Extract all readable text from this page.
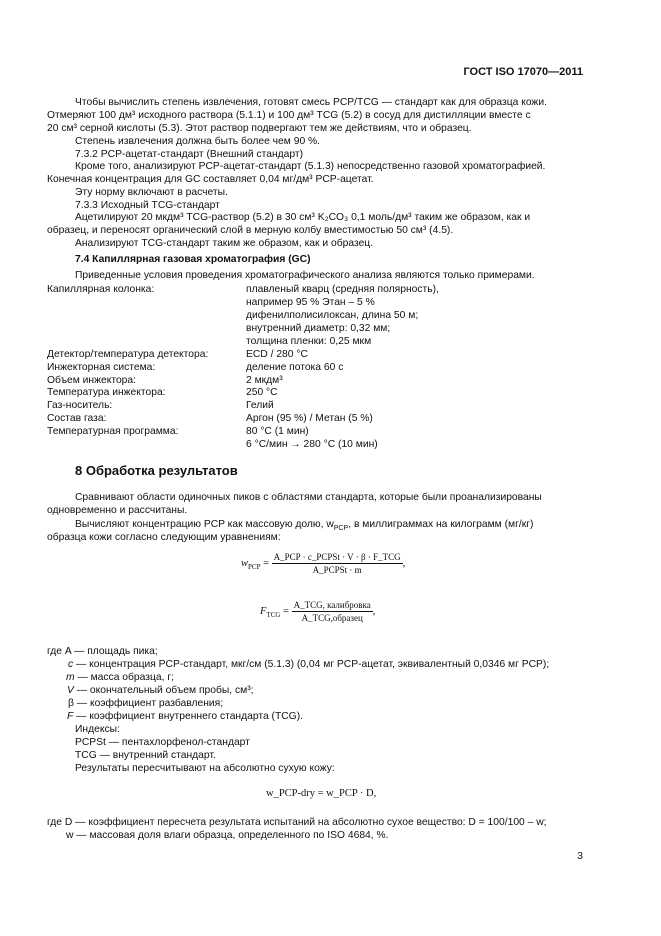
ГОСТ ISO 17070—2011
Чтобы вычислить степень извлечения, готовят смесь PCP/TCG — стандарт как для образца кожи.
Отмеряют 100 дм³ исходного раствора (5.1.1) и 100 дм³ TCG (5.2) в сосуд для дистилляции вместе с
20 см³ серной кислоты (5.3). Этот раствор подвергают тем же действиям, что и образец.
Степень извлечения должна быть более чем 90 %.
7.3.2 PCP-ацетат-стандарт (Внешний стандарт)
Кроме того, анализируют PCP-ацетат-стандарт (5.1.3) непосредственно газовой хроматографией.
Конечная концентрация для GC составляет 0,04 мг/дм³ PCP-ацетат.
Эту норму включают в расчеты.
7.3.3 Исходный TCG-стандарт
Ацетилируют 20 мкдм³ TCG-раствор (5.2) в 30 см³ K₂CO₃ 0,1 моль/дм³ таким же образом, как и
образец, и переносят органический слой в мерную колбу вместимостью 50 см³ (4.5).
Анализируют TCG-стандарт таким же образом, как и образец.
7.4 Капиллярная газовая хроматография (GC)
Приведенные условия проведения хроматографического анализа являются только примерами.
Капиллярная колонка:	плавленый кварц (средняя полярность),
например 95 % Этан – 5 %
дифенилполисилоксан, длина 50 м;
внутренний диаметр: 0,32 мм;
толщина пленки: 0,25 мкм
Детектор/температура детектора:	ECD / 280 °C
Инжекторная система:	деление потока 60 с
Объем инжектора:	2 мкдм³
Температура инжектора:	250 °C
Газ-носитель:	Гелий
Состав газа:	Аргон (95 %) / Метан (5 %)
Температурная программа:	80 °C (1 мин)
6 °С/мин → 280 °C (10 мин)
8 Обработка результатов
Сравнивают области одиночных пиков с областями стандарта, которые были проанализированы
одновременно и рассчитаны.
Вычисляют концентрацию PCP как массовую долю, $w_{PCP}$, в миллиграммах на килограмм (мг/кг)
образца кожи согласно следующим уравнениям:
$w_{PCP} = \frac{\text{A\_PCP · c\_PCPSt · V · β · F\_TCG}}{\text{A\_PCPSt · m}}$ ,
$F_{TCG} = \frac{\text{A\_TCG, калибровка}}{\text{A\_TCG,образец}}$ ,
где A — площадь пика;
c — концентрация PCP-стандарт, мкг/см (5.1.3) (0,04 мг PCP-ацетат, эквивалентный 0,0346 мг PCP);
m — масса образца, г;
V — окончательный объем пробы, см³;
β — коэффициент разбавления;
F — коэффициент внутреннего стандарта (TCG).
Индексы:
PCPSt — пентахлорфенол-стандарт
TCG — внутренний стандарт.
Результаты пересчитывают на абсолютно сухую кожу:
w_PCP-dry = w_PCP · D,
где D — коэффициент пересчета результата испытаний на абсолютно сухое вещество: D = 100/100 – w;
w — массовая доля влаги образца, определенного по ISO 4684, %.
3
